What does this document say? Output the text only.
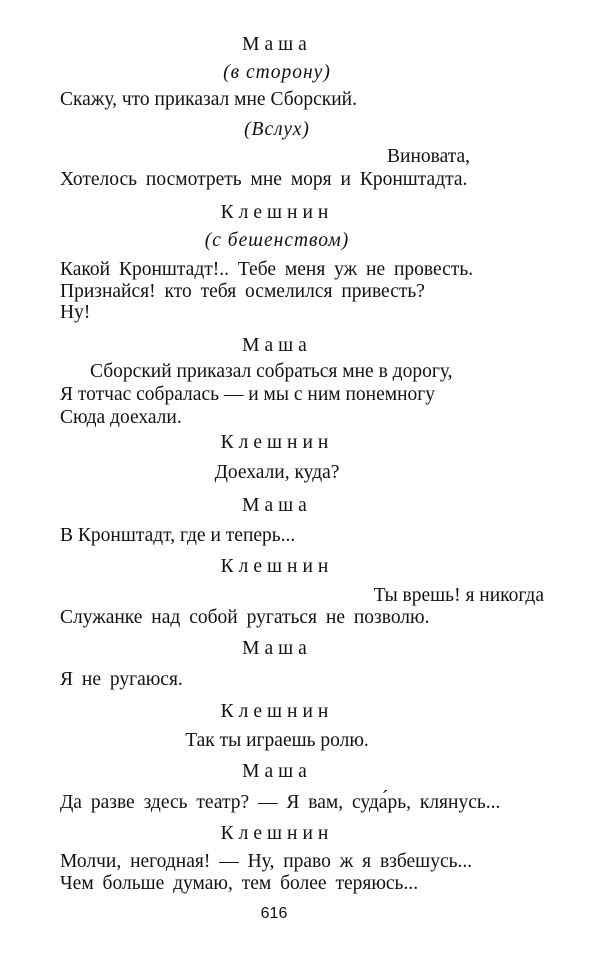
Маша
(в сторону)
Скажу, что приказал мне Сборский.
(Вслух)
Виновата,
Хотелось посмотреть мне моря и Кронштадта.
Клешнин
(с бешенством)
Какой Кронштадт!.. Тебе меня уж не провесть.
Признайся! кто тебя осмелился привесть?
Ну!
Маша
Сборский приказал собраться мне в дорогу,
Я тотчас собралась — и мы с ним понемногу
Сюда доехали.
Клешнин
Доехали, куда?
Маша
В Кронштадт, где и теперь...
Клешнин
Ты врешь! я никогда
Служанке над собой ругаться не позволю.
Маша
Я не ругаюся.
Клешнин
Так ты играешь ролю.
Маша
Да разве здесь театр? — Я вам, суда́рь, клянусь...
Клешнин
Молчи, негодная! — Ну, право ж я взбешусь...
Чем больше думаю, тем более теряюсь...
616
